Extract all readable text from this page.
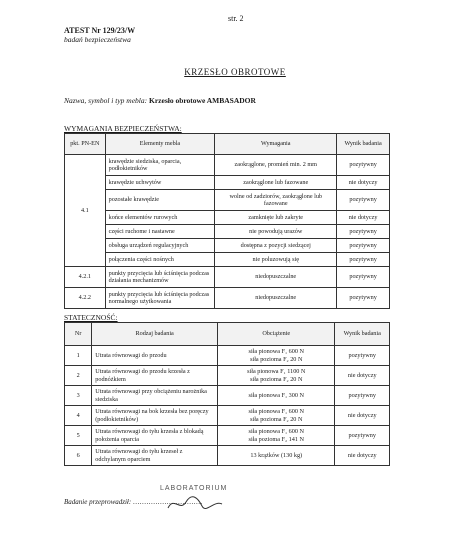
str. 2
ATEST Nr 129/23/W
badań bezpieczeństwa
KRZESŁO OBROTOWE
Nazwa, symbol i typ mebla: Krzesło obrotowe AMBASADOR
WYMAGANIA BEZPIECZEŃSTWA:
pkt. PN-EN	Elementy mebla	Wymagania	Wynik badania
4.1	krawędzie siedziska, oparcia, podłokietników	zaokrąglone, promień min. 2 mm	pozytywny
	krawędzie uchwytów	zaokrąglone lub fazowane	nie dotyczy
	pozostałe krawędzie	wolne od zadziorów, zaokrąglone lub fazowane	pozytywny
	końce elementów rurowych	zamknięte lub zakryte	nie dotyczy
	części ruchome i nastawne	nie powodują urazów	pozytywny
	obsługa urządzeń regulacyjnych	dostępna z pozycji siedzącej	pozytywny
	połączenia części nośnych	nie poluzowują się	pozytywny
4.2.1	punkty przycięcia lub ściśnięcia podczas działania mechanizmów	niedopuszczalne	pozytywny
4.2.2	punkty przycięcia lub ściśnięcia podczas normalnego użytkowania	niedopuszczalne	pozytywny
STATECZNOŚĆ:
Nr	Rodzaj badania	Obciążenie	Wynik badania
1	Utrata równowagi do przodu	siła pionowa F₁ 600 N
siła pozioma F₂ 20 N	pozytywny
2	Utrata równowagi do przodu krzesła z podnóżkiem	siła pionowa F₁ 1100 N
siła pozioma F₂ 20 N	nie dotyczy
3	Utrata równowagi przy obciążeniu narożnika siedziska	siła pionowa F₁ 300 N	pozytywny
4	Utrata równowagi na bok krzesła bez poręczy (podłokietników)	siła pionowa F₁ 600 N
siła pozioma F₂ 20 N	nie dotyczy
5	Utrata równowagi do tyłu krzesła z blokadą położenia oparcia	siła pionowa F₁ 600 N
siła pozioma F₂ 141 N	pozytywny
6	Utrata równowagi do tyłu krzeseł z odchylanym oparciem	13 krążków (130 kg)	nie dotyczy
LABORATORIUM
Badanie przeprowadził: ...............................
